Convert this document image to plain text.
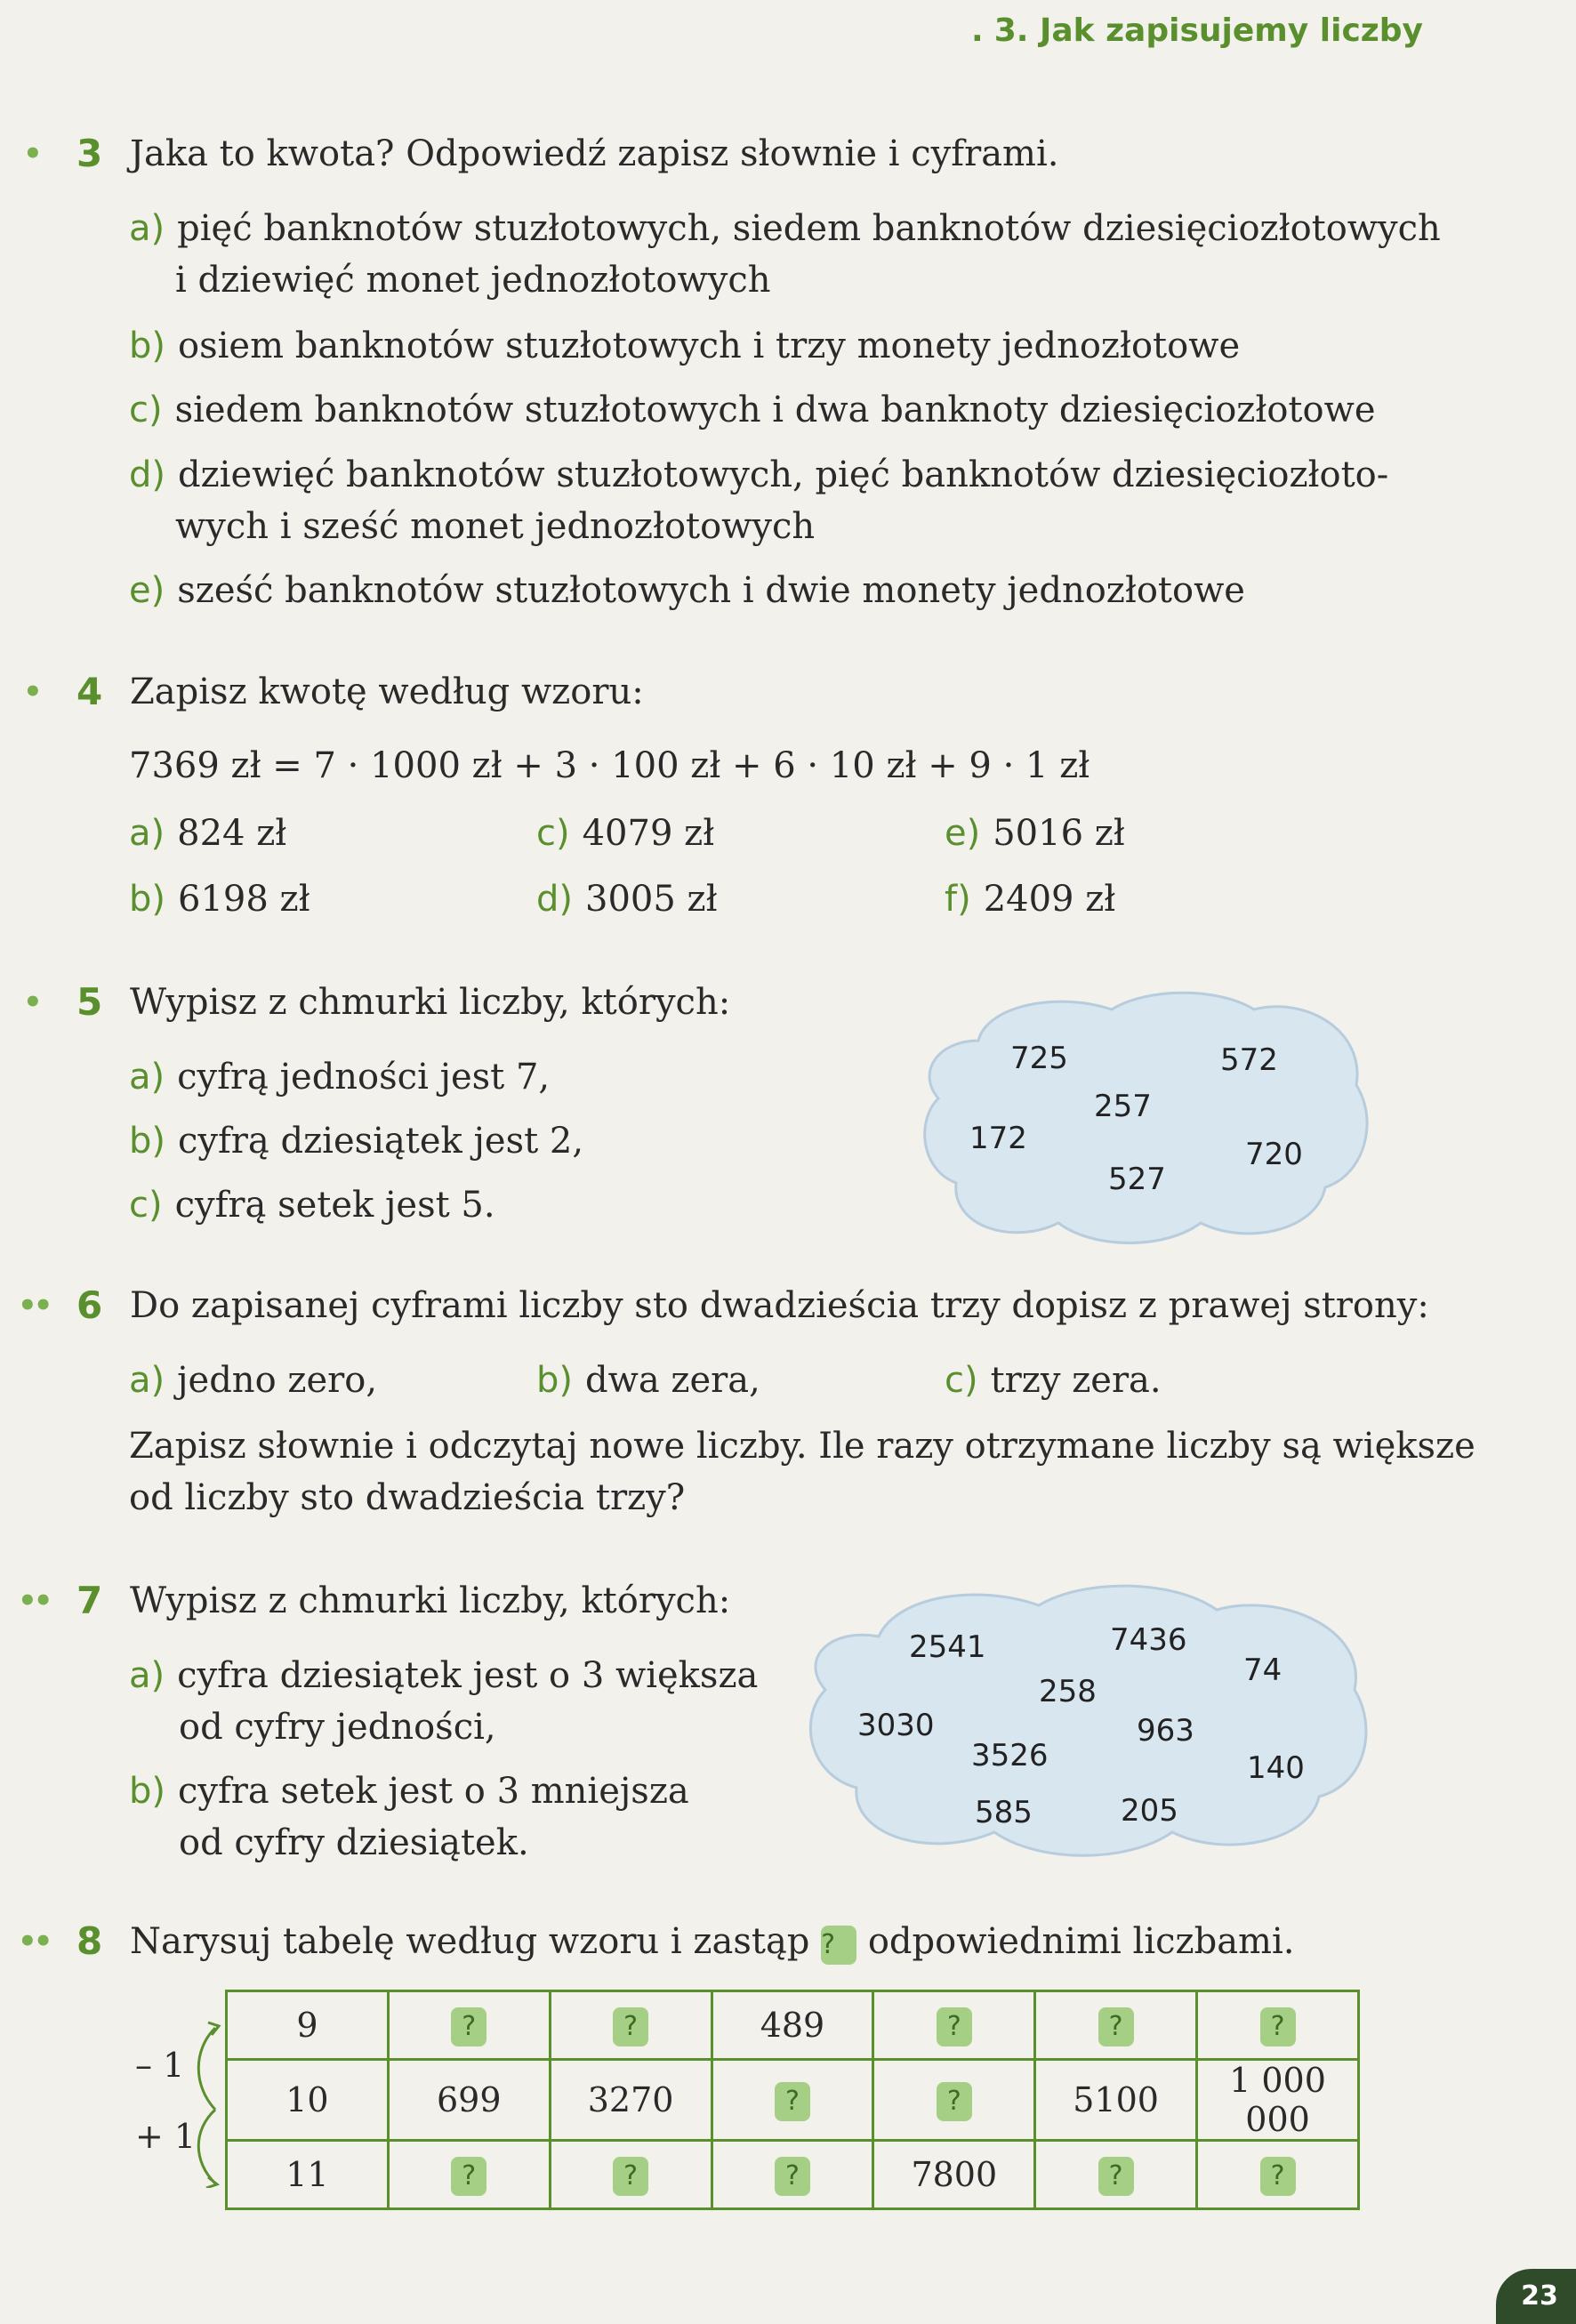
. 3. Jak zapisujemy liczby
• 3 Jaka to kwota? Odpowiedź zapisz słownie i cyframi.
a) pięć banknotów stuzłotowych, siedem banknotów dziesięciozłotowych
i dziewięć monet jednozłotowych
b) osiem banknotów stuzłotowych i trzy monety jednozłotowe
c) siedem banknotów stuzłotowych i dwa banknoty dziesięciozłotowe
d) dziewięć banknotów stuzłotowych, pięć banknotów dziesięciozłoto-
wych i sześć monet jednozłotowych
e) sześć banknotów stuzłotowych i dwie monety jednozłotowe
• 4 Zapisz kwotę według wzoru:
7369 zł = 7 · 1000 zł + 3 · 100 zł + 6 · 10 zł + 9 · 1 zł
a) 824 zł	c) 4079 zł	e) 5016 zł
b) 6198 zł	d) 3005 zł	f) 2409 zł
• 5 Wypisz z chmurki liczby, których:
a) cyfrą jedności jest 7,
b) cyfrą dziesiątek jest 2,
c) cyfrą setek jest 5.
725	572
257
172	720
527
•• 6 Do zapisanej cyframi liczby sto dwadzieścia trzy dopisz z prawej strony:
a) jedno zero,	b) dwa zera,	c) trzy zera.
Zapisz słownie i odczytaj nowe liczby. Ile razy otrzymane liczby są większe
od liczby sto dwadzieścia trzy?
•• 7 Wypisz z chmurki liczby, których:
a) cyfra dziesiątek jest o 3 większa
od cyfry jedności,
b) cyfra setek jest o 3 mniejsza
od cyfry dziesiątek.
2541	7436
258
74
3030	963
3526	140
585	205
•• 8 Narysuj tabelę według wzoru i zastąp ? odpowiednimi liczbami.
– 1
+ 1
9	?	?	489	?	?	?
10	699	3270	?	?	5100	1 000 000
11	?	?	?	7800	?	?
23
